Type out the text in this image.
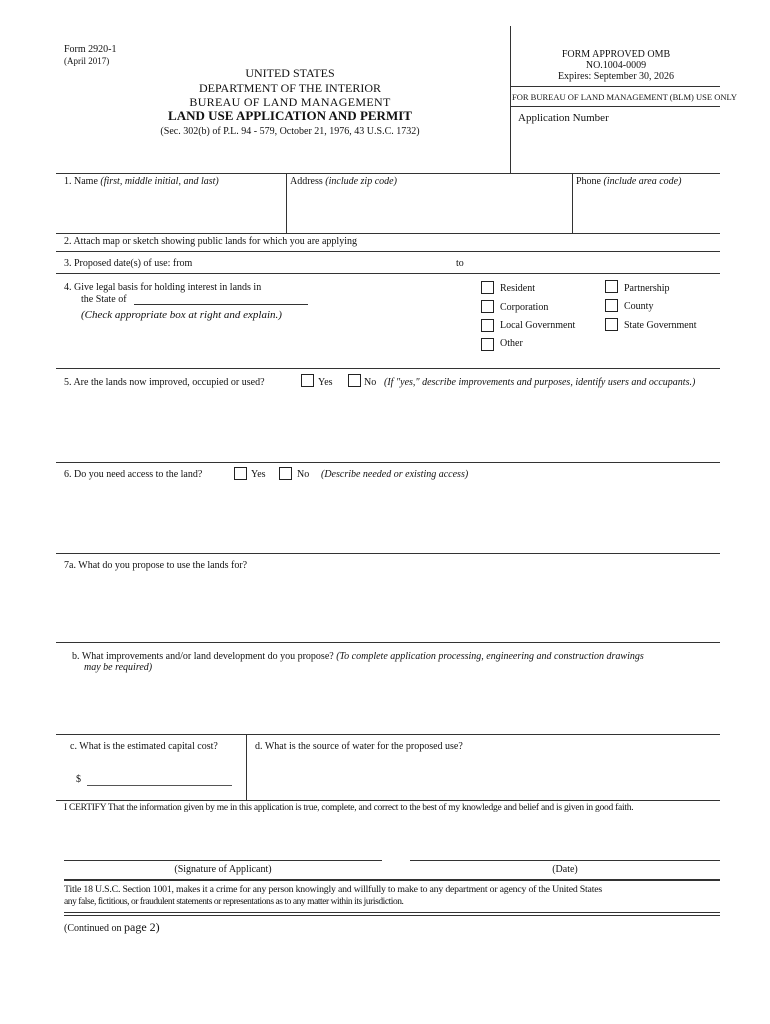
Form 2920-1
(April 2017)
UNITED STATES
DEPARTMENT OF THE INTERIOR
BUREAU OF LAND MANAGEMENT
LAND USE APPLICATION AND PERMIT
(Sec. 302(b) of P.L. 94 - 579, October 21, 1976, 43 U.S.C. 1732)
FORM APPROVED OMB
NO.1004-0009
Expires: September 30, 2026
FOR BUREAU OF LAND MANAGEMENT (BLM) USE ONLY
Application Number
1. Name (first, middle initial, and last)	Address (include zip code)	Phone (include area code)
2. Attach map or sketch showing public lands for which you are applying
3. Proposed date(s) of use: from	to
4. Give legal basis for holding interest in lands in
the State of
(Check appropriate box at right and explain.)
Resident
Corporation
Local Government
Other
Partnership
County
State Government
5. Are the lands now improved, occupied or used?	Yes	No (If "yes," describe improvements and purposes, identify users and occupants.)
6. Do you need access to the land?	Yes	No (Describe needed or existing access)
7a. What do you propose to use the lands for?
b. What improvements and/or land development do you propose? (To complete application processing, engineering and construction drawings
may be required)
c. What is the estimated capital cost?
$
d. What is the source of water for the proposed use?
I CERTIFY That the information given by me in this application is true, complete, and correct to the best of my knowledge and belief and is given in good faith.
(Signature of Applicant)	(Date)
Title 18 U.S.C. Section 1001, makes it a crime for any person knowingly and willfully to make to any department or agency of the United States
any false, fictitious, or fraudulent statements or representations as to any matter within its jurisdiction.
(Continued on page 2)
